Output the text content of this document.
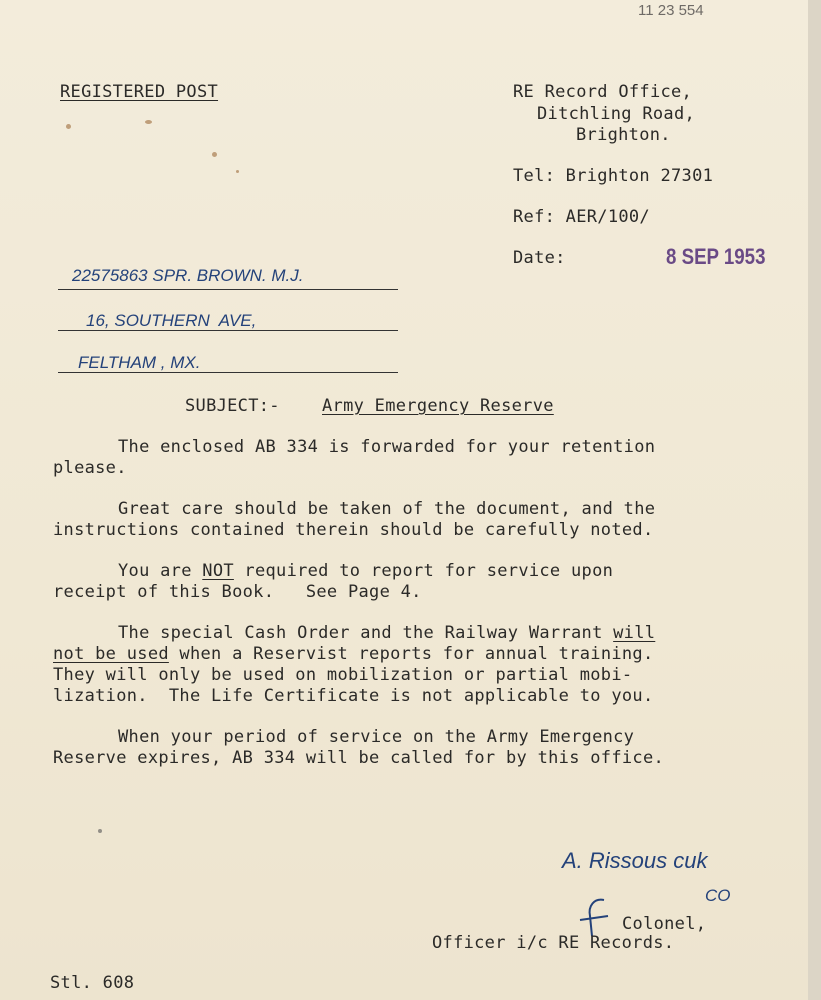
11 23 554
REGISTERED POST	RE Record Office,
Ditchling Road,
Brighton.
Tel: Brighton 27301
Ref: AER/100/
Date:	8 SEP 1953
22575863 SPR. BROWN. M.J.
16, SOUTHERN  AVE,
FELTHAM , MX.
SUBJECT:- Army Emergency Reserve
The enclosed AB 334 is forwarded for your retention
please.
Great care should be taken of the document, and the
instructions contained therein should be carefully noted.
You are NOT required to report for service upon
receipt of this Book.   See Page 4.
The special Cash Order and the Railway Warrant will
not be used when a Reservist reports for annual training.
They will only be used on mobilization or partial mobi-
lization.  The Life Certificate is not applicable to you.
When your period of service on the Army Emergency
Reserve expires, AB 334 will be called for by this office.
A. Rissous cuk
CO
Colonel,
Officer i/c RE Records.
Stl. 608
